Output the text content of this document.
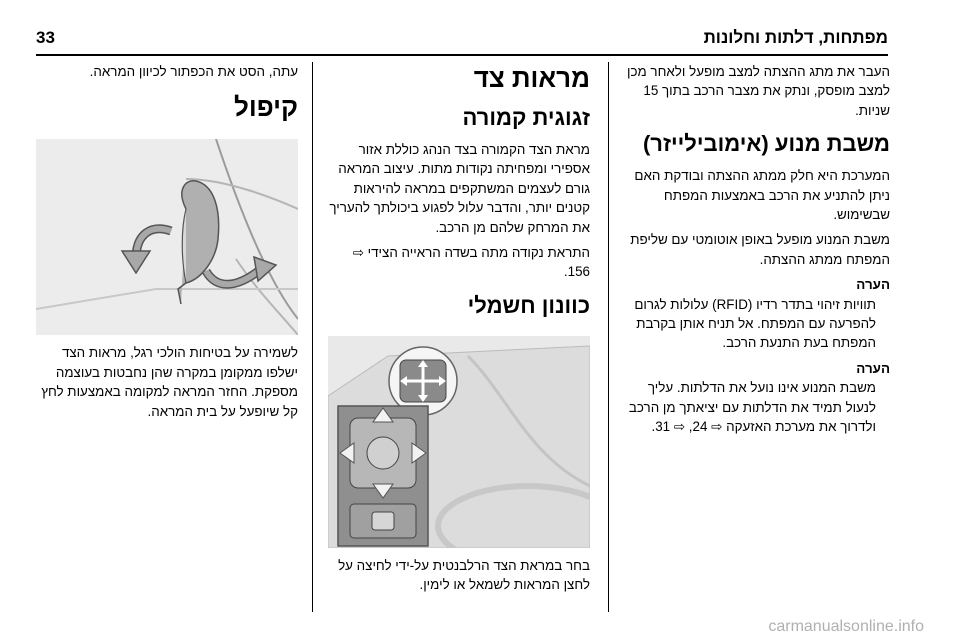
33	מפתחות, דלתות וחלונות

העבר את מתג ההצתה למצב מופעל ולאחר מכן למצב מופסק, ונתק את מצבר הרכב בתוך 15 שניות.

משבת מנוע (אימובילייזר)

המערכת היא חלק ממתג ההצתה ובודקת האם ניתן להתניע את הרכב באמצעות המפתח שבשימוש.

משבת המנוע מופעל באופן אוטומטי עם שליפת המפתח ממתג ההצתה.

הערה

תוויות זיהוי בתדר רדיו (RFID) עלולות לגרום להפרעה עם המפתח. אל תניח אותן בקרבת המפתח בעת התנעת הרכב.

הערה

משבת המנוע אינו נועל את הדלתות. עליך לנעול תמיד את הדלתות עם יציאתך מן הרכב ולדרוך את מערכת האזעקה ⇨ 24, ⇨ 31.

מראות צד
זגוגית קמורה

מראת הצד הקמורה בצד הנהג כוללת אזור אספירי ומפחיתה נקודות מתות. עיצוב המראה גורם לעצמים המשתקפים במראה להיראות קטנים יותר, והדבר עלול לפגוע ביכולתך להעריך את המרחק שלהם מן הרכב.

התראת נקודה מתה בשדה הראייה הצידי ⇨ 156.

כוונון חשמלי

בחר במראת הצד הרלבנטית על-ידי לחיצה על לחצן המראות לשמאל או לימין.

עתה, הסט את הכפתור לכיוון המראה.

קיפול

לשמירה על בטיחות הולכי רגל, מראות הצד ישלפו ממקומן במקרה שהן נחבטות בעוצמה מספקת. החזר המראה למקומה באמצעות לחץ קל שיופעל על בית המראה.

carmanualsonline.info
